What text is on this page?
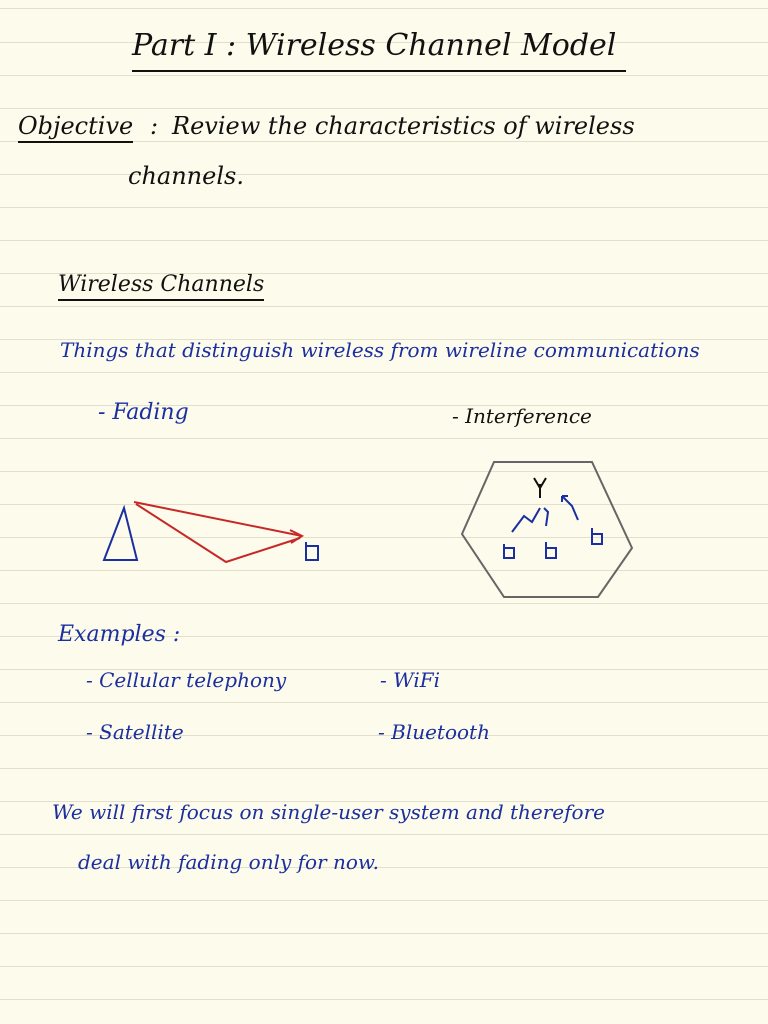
Part I : Wireless Channel Model
Objective : Review the characteristics of wireless
channels.
Wireless Channels
Things that distinguish wireless from wireline communications
- Fading	- Interference
Examples :
- Cellular telephony	- WiFi
- Satellite	- Bluetooth
We will first focus on single-user system and therefore
deal with fading only for now.
